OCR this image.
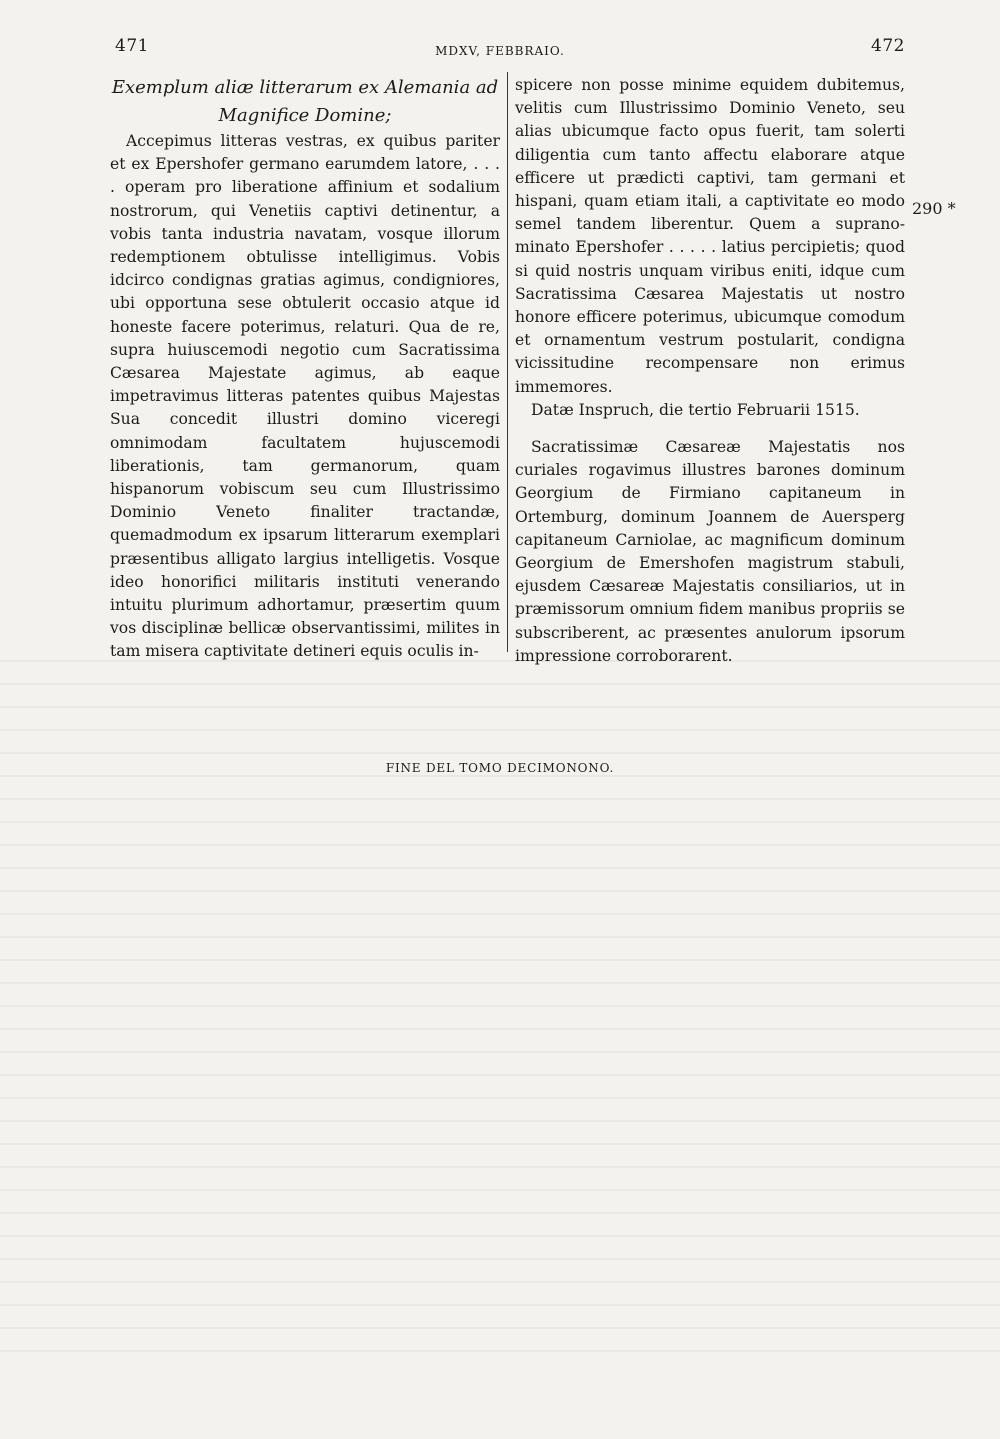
471	MDXV, FEBBRAIO.	472

Exemplum aliæ litterarum ex Alemania ad

Magnifice Domine;

Accepimus litteras vestras, ex quibus pariter et ex Epershofer germano earumdem latore, . . . . operam pro liberatione affinium et sodalium nostrorum, qui Venetiis captivi detinentur, a vobis tanta industria navatam, vosque illorum redemptionem obtulisse intelligimus. Vobis idcirco condignas gratias agimus, condigniores, ubi opportuna sese obtulerit occasio atque id honeste facere poterimus, relaturi. Qua de re, supra huiuscemodi negotio cum Sacratissima Cæsarea Majestate agimus, ab eaque impetravimus litteras patentes quibus Majestas Sua concedit illustri domino viceregi omnimodam facultatem hujuscemodi liberationis, tam germanorum, quam hispanorum vobiscum seu cum Illustrissimo Dominio Veneto finaliter tractandæ, quemadmodum ex ipsarum litterarum exemplari præsentibus alligato largius intelligetis. Vosque ideo honorifici militaris instituti venerando intuitu plurimum adhortamur, præsertim quum vos disciplinæ bellicæ observantissimi, milites in tam misera captivitate detineri equis oculis in-

spicere non posse minime equidem dubitemus, velitis cum Illustrissimo Dominio Veneto, seu alias ubicumque facto opus fuerit, tam solerti diligentia cum tanto affectu elaborare atque efficere ut prædicti captivi, tam germani et hispani, quam etiam itali, a captivitate eo modo semel tandem liberentur. Quem a suprano- minato Epershofer . . . . . latius percipietis; quod si quid nostris unquam viribus eniti, idque cum Sacratissima Cæsarea Majestatis ut nostro honore efficere poterimus, ubicumque comodum et ornamentum vestrum postularit, condigna vicissitudine recompensare non erimus immemores.

Datæ Inspruch, die tertio Februarii 1515.

Sacratissimæ Cæsareæ Majestatis nos curiales rogavimus illustres barones dominum Georgium de Firmiano capitaneum in Ortemburg, dominum Joannem de Auersperg capitaneum Carniolae, ac magnificum dominum Georgium de Emershofen magistrum stabuli, ejusdem Cæsareæ Majestatis consiliarios, ut in præmissorum omnium fidem manibus propriis se subscriberent, ac præsentes anulorum ipsorum impressione corroborarent.

290 *
FINE DEL TOMO DECIMONONO.
